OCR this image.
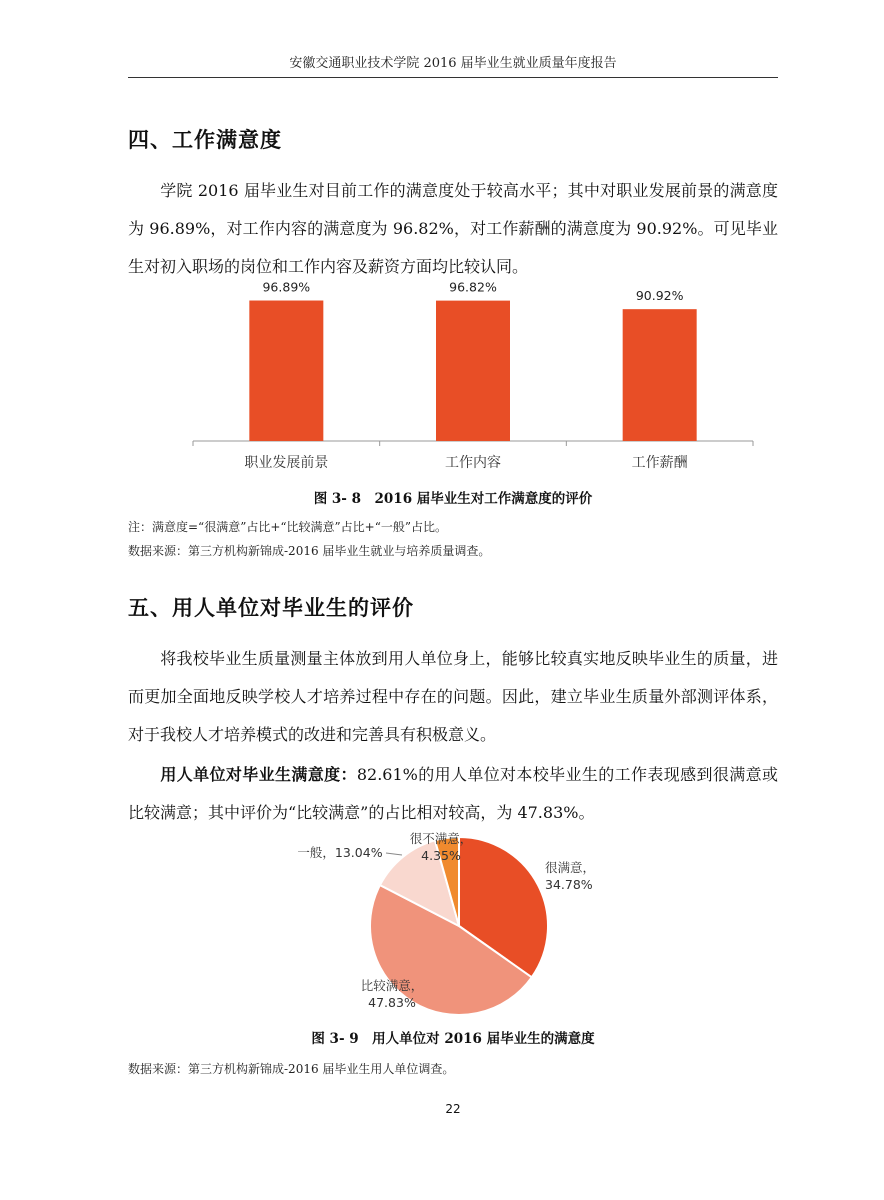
安徽交通职业技术学院 2016 届毕业生就业质量年度报告
四、工作满意度

学院 2016 届毕业生对目前工作的满意度处于较高水平；其中对职业发展前景的满意度为 96.89%，对工作内容的满意度为 96.82%，对工作薪酬的满意度为 90.92%。可见毕业生对初入职场的岗位和工作内容及薪资方面均比较认同。

96.89%
职业发展前景
96.82%
工作内容
90.92%
工作薪酬
图 3- 8　2016 届毕业生对工作满意度的评价
注：满意度=“很满意”占比+“比较满意”占比+“一般”占比。
数据来源：第三方机构新锦成-2016 届毕业生就业与培养质量调查。
五、用人单位对毕业生的评价

将我校毕业生质量测量主体放到用人单位身上，能够比较真实地反映毕业生的质量，进而更加全面地反映学校人才培养过程中存在的问题。因此，建立毕业生质量外部测评体系，对于我校人才培养模式的改进和完善具有积极意义。

用人单位对毕业生满意度：82.61%的用人单位对本校毕业生的工作表现感到很满意或比较满意；其中评价为“比较满意”的占比相对较高，为 47.83%。

很满意， 34.78%
比较满意， 47.83%
一般，13.04%
很不满意， 4.35%
图 3- 9　用人单位对 2016 届毕业生的满意度
数据来源：第三方机构新锦成-2016 届毕业生用人单位调查。
22
